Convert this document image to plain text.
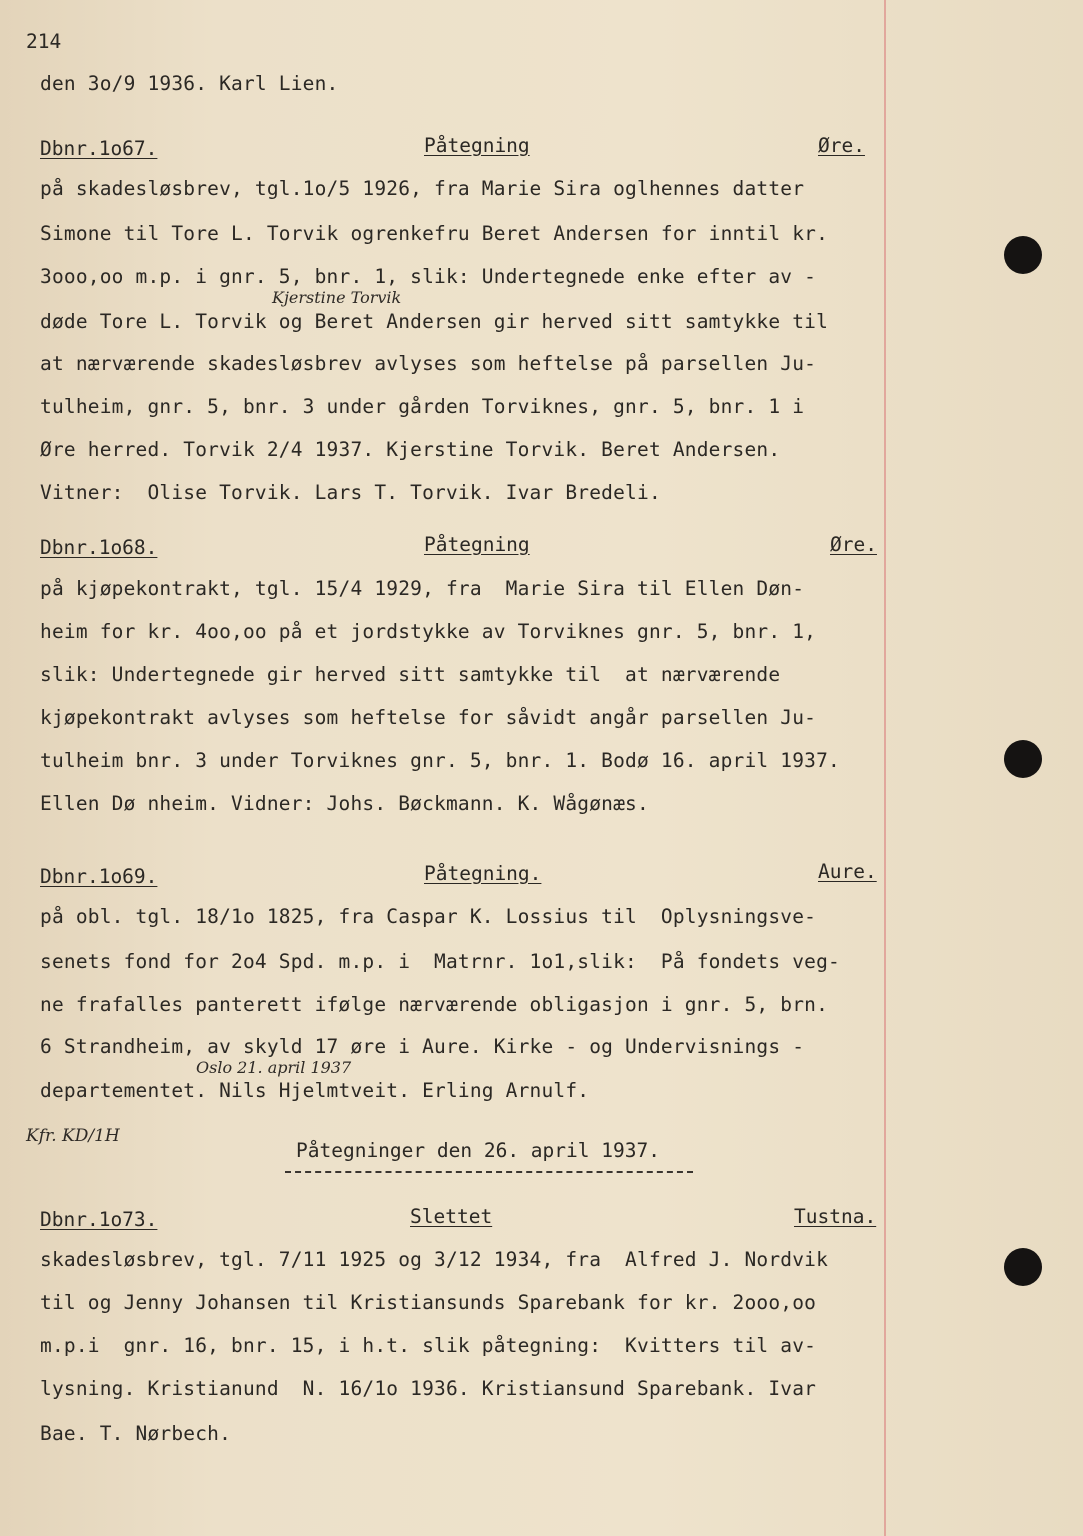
214
den 3o/9 1936. Karl Lien.
Dbnr.1o67.	Påtegning	Øre.
på skadesløsbrev, tgl.1o/5 1926, fra Marie Sira oglhennes datter
Simone til Tore L. Torvik ogrenkefru Beret Andersen for inntil kr.
3ooo,oo m.p. i gnr. 5, bnr. 1, slik: Undertegnede enke efter av -
Kjerstine Torvik
døde Tore L. Torvik og Beret Andersen gir herved sitt samtykke til
at nærværende skadesløsbrev avlyses som heftelse på parsellen Ju-
tulheim, gnr. 5, bnr. 3 under gården Torviknes, gnr. 5, bnr. 1 i
Øre herred. Torvik 2/4 1937. Kjerstine Torvik. Beret Andersen.
Vitner:  Olise Torvik. Lars T. Torvik. Ivar Bredeli.
Dbnr.1o68.	Påtegning	Øre.
på kjøpekontrakt, tgl. 15/4 1929, fra  Marie Sira til Ellen Døn-
heim for kr. 4oo,oo på et jordstykke av Torviknes gnr. 5, bnr. 1,
slik: Undertegnede gir herved sitt samtykke til  at nærværende
kjøpekontrakt avlyses som heftelse for såvidt angår parsellen Ju-
tulheim bnr. 3 under Torviknes gnr. 5, bnr. 1. Bodø 16. april 1937.
Ellen Dø nheim. Vidner: Johs. Bøckmann. K. Wågønæs.
Dbnr.1o69.	Påtegning.	Aure.
på obl. tgl. 18/1o 1825, fra Caspar K. Lossius til  Oplysningsve-
senets fond for 2o4 Spd. m.p. i  Matrnr. 1o1,slik:  På fondets veg-
ne frafalles panterett ifølge nærværende obligasjon i gnr. 5, brn.
6 Strandheim, av skyld 17 øre i Aure. Kirke - og Undervisnings -
Oslo 21. april 1937
departementet. Nils Hjelmtveit. Erling Arnulf.
Kfr. KD/1H
Påtegninger den 26. april 1937.
Dbnr.1o73.	Slettet	Tustna.
skadesløsbrev, tgl. 7/11 1925 og 3/12 1934, fra  Alfred J. Nordvik
til og Jenny Johansen til Kristiansunds Sparebank for kr. 2ooo,oo
m.p.i  gnr. 16, bnr. 15, i h.t. slik påtegning:  Kvitters til av-
lysning. Kristianund  N. 16/1o 1936. Kristiansund Sparebank. Ivar
Bae. T. Nørbech.
